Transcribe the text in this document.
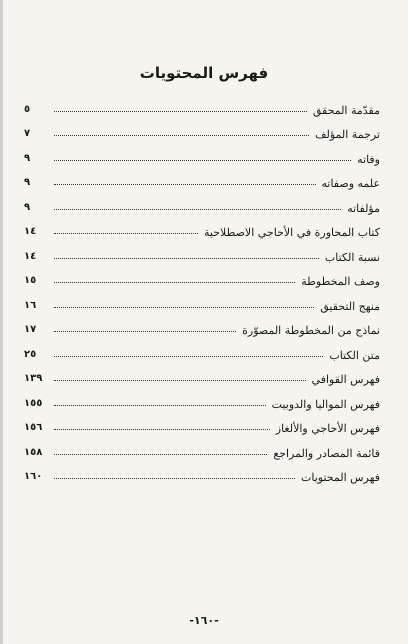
فهرس المحتويات
٥	مقدّمة المحقق
٧	ترجمة المؤلف
٩	وفاته
٩	علمه وصفاته
٩	مؤلفاته
١٤	كتاب المحاورة في الأحاجي الاصطلاحية
١٤	نسبة الكتاب
١٥	وصف المخطوطة
١٦	منهج التحقيق
١٧	نماذج من المخطوطة المصوّرة
٢٥	متن الكتاب
١٣٩	فهرس القوافي
١٥٥	فهرس المواليا والدوبيت
١٥٦	فهرس الأحاجي والألغاز
١٥٨	قائمة المصادر والمراجع
١٦٠	فهرس المحتويات
-١٦٠-
